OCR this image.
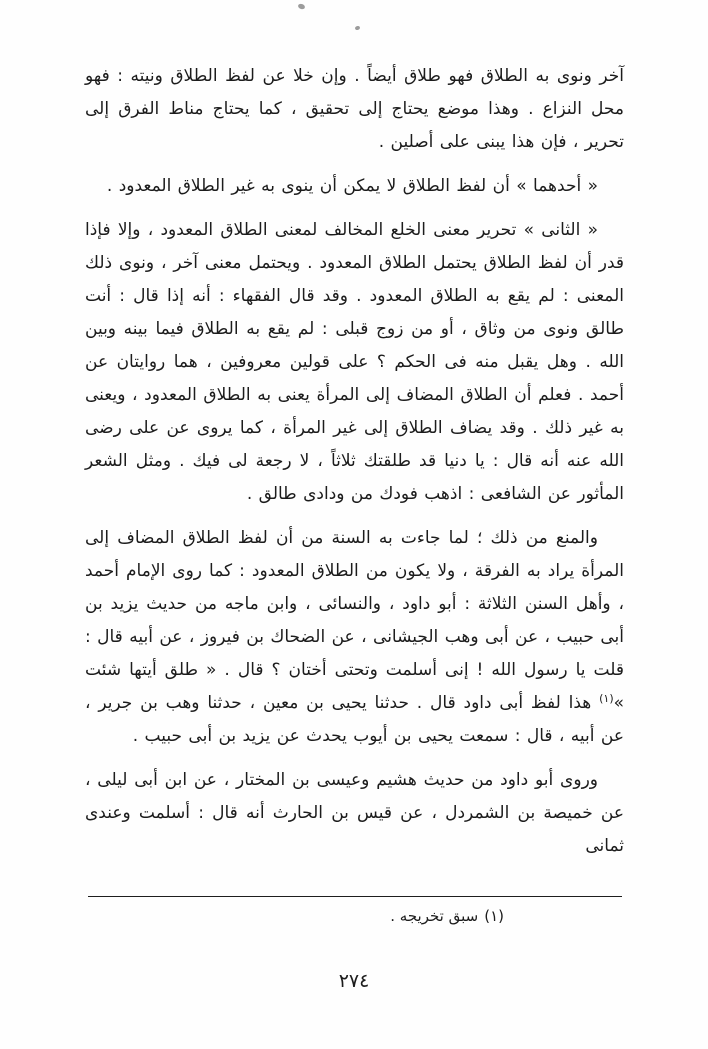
آخر ونوى به الطلاق فهو طلاق أيضاً . وإن خلا عن لفظ الطلاق ونيته : فهو محل النزاع . وهذا موضع يحتاج إلى تحقيق ، كما يحتاج مناط الفرق إلى تحرير ، فإن هذا يبنى على أصلين .

« أحدهما » أن لفظ الطلاق لا يمكن أن ينوى به غير الطلاق المعدود .

« الثانى » تحرير معنى الخلع المخالف لمعنى الطلاق المعدود ، وإلا فإذا قدر أن لفظ الطلاق يحتمل الطلاق المعدود . ويحتمل معنى آخر ، ونوى ذلك المعنى : لم يقع به الطلاق المعدود . وقد قال الفقهاء : أنه إذا قال : أنت طالق ونوى من وثاق ، أو من زوج قبلى : لم يقع به الطلاق فيما بينه وبين الله . وهل يقبل منه فى الحكم ؟ على قولين معروفين ، هما روايتان عن أحمد . فعلم أن الطلاق المضاف إلى المرأة يعنى به الطلاق المعدود ، ويعنى به غير ذلك . وقد يضاف الطلاق إلى غير المرأة ، كما يروى عن على رضى الله عنه أنه قال : يا دنيا قد طلقتك ثلاثاً ، لا رجعة لى فيك . ومثل الشعر المأثور عن الشافعى : اذهب فودك من ودادى طالق .

والمنع من ذلك ؛ لما جاءت به السنة من أن لفظ الطلاق المضاف إلى المرأة يراد به الفرقة ، ولا يكون من الطلاق المعدود : كما روى الإمام أحمد ، وأهل السنن الثلاثة : أبو داود ، والنسائى ، وابن ماجه من حديث يزيد بن أبى حبيب ، عن أبى وهب الجيشانى ، عن الضحاك بن فيروز ، عن أبيه قال : قلت يا رسول الله ! إنى أسلمت وتحتى أختان ؟ قال . « طلق أيتها شئت »$^{(١)}$ هذا لفظ أبى داود قال . حدثنا يحيى بن معين ، حدثنا وهب بن جرير ، عن أبيه ، قال : سمعت يحيى بن أيوب يحدث عن يزيد بن أبى حبيب .

وروى أبو داود من حديث هشيم وعيسى بن المختار ، عن ابن أبى ليلى ، عن خميصة بن الشمردل ، عن قيس بن الحارث أنه قال : أسلمت وعندى ثمانى

(١)سبق تخريجه .
٢٧٤
